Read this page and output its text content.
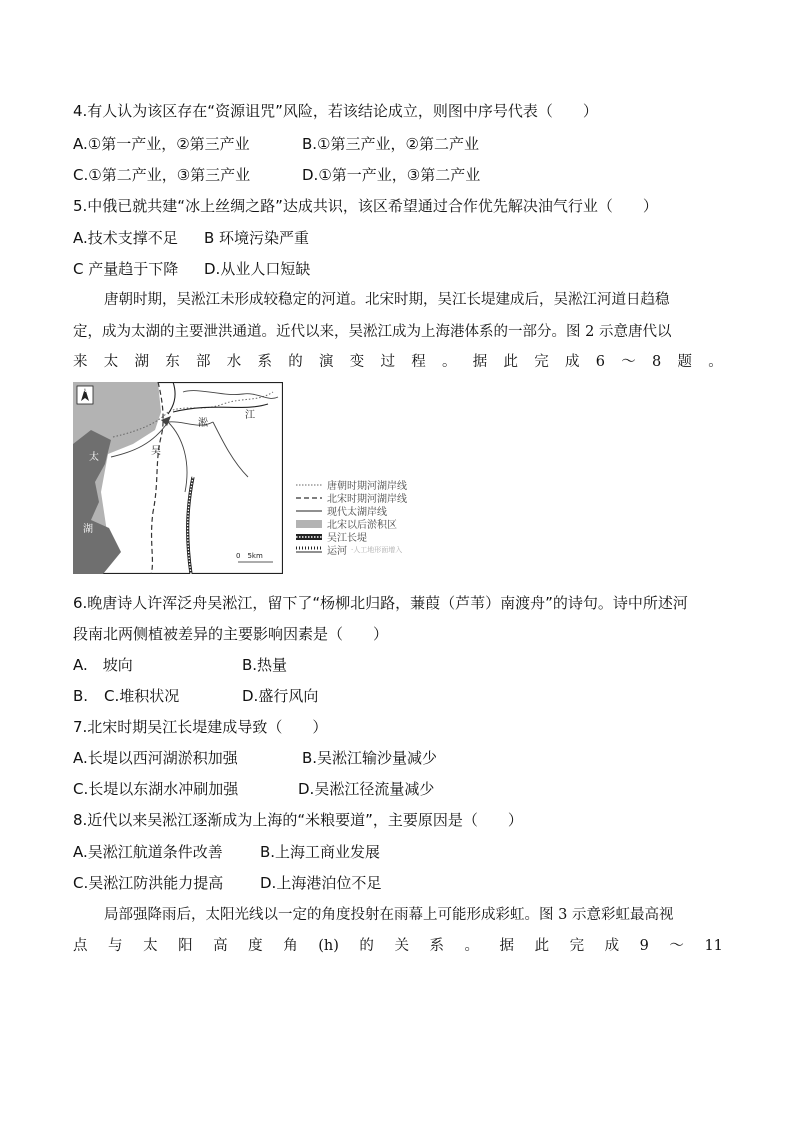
4.有人认为该区存在“资源诅咒”风险，若该结论成立，则图中序号代表（　　）
A.①第一产业，②第三产业	B.①第三产业，②第二产业
C.①第二产业，③第三产业	D.①第一产业，③第二产业
5.中俄已就共建“冰上丝绸之路”达成共识，该区希望通过合作优先解决油气行业（　　）
A.技术支撑不足 B 环境污染严重
C 产量趋于下降 D.从业人口短缺
唐朝时期，吴淞江未形成较稳定的河道。北宋时期，吴江长堤建成后，吴淞江河道日趋稳
定，成为太湖的主要泄洪通道。近代以来，吴淞江成为上海港体系的一部分。图 2 示意唐代以
来 太 湖 东 部 水 系 的 演 变 过 程 。 据 此 完 成 6 ～ 8 题 。
N
吴
淞
江
太
湖
0　5km
唐朝时期河湖岸线
北宋时期河湖岸线
现代太湖岸线
北宋以后淤积区
吴江长堤
运河 ·人工地形面增入
6.晚唐诗人许浑泛舟吴淞江，留下了“杨柳北归路，蒹葭（芦苇）南渡舟”的诗句。诗中所述河
段南北两侧植被差异的主要影响因素是（　　）
A.　坡向	B.热量
B. C.堆积状况	D.盛行风向
7.北宋时期吴江长堤建成导致（　　）
A.长堤以西河湖淤积加强	B.吴淞江输沙量减少
C.长堤以东湖水冲刷加强	D.吴淞江径流量减少
8.近代以来吴淞江逐渐成为上海的“米粮要道”，主要原因是（　　）
A.吴淞江航道条件改善 B.上海工商业发展
C.吴淞江防洪能力提高 D.上海港泊位不足
局部强降雨后，太阳光线以一定的角度投射在雨幕上可能形成彩虹。图 3 示意彩虹最高视
点 与 太 阳 高 度 角 (h) 的 关 系 。 据 此 完 成 9 ～ 11
